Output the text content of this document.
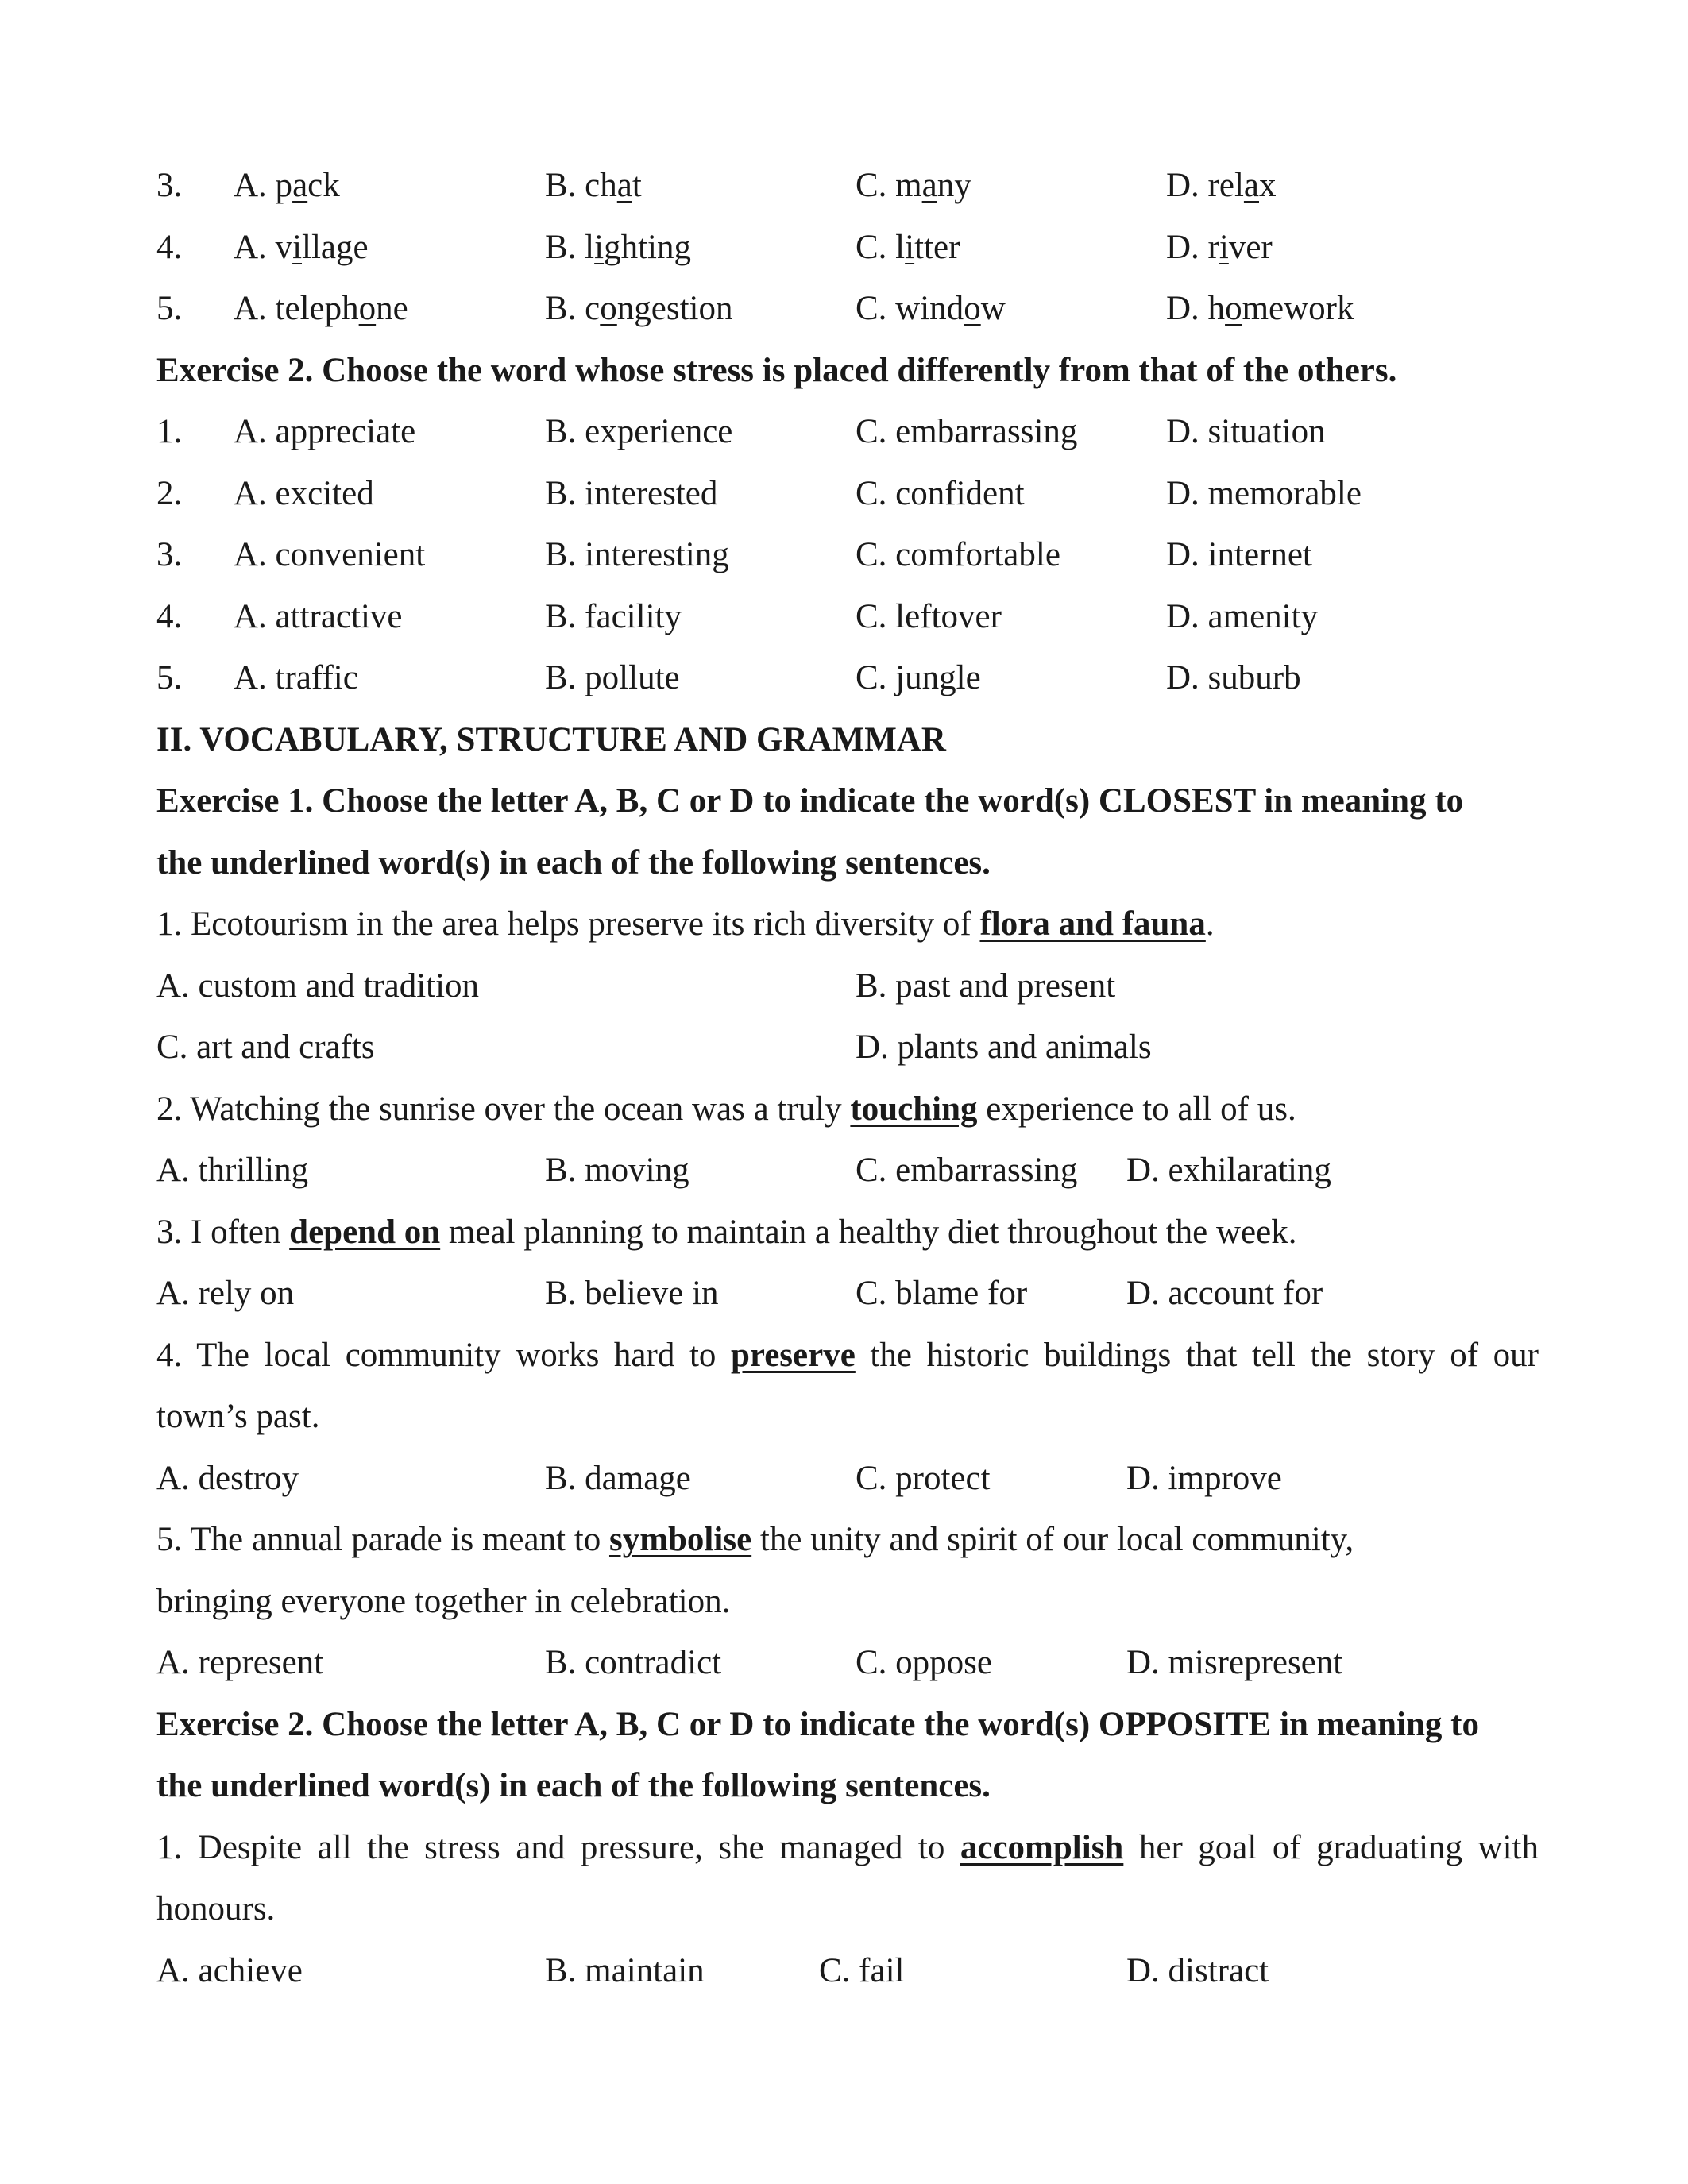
3. A. pack	B. chat	C. many	D. relax
4. A. village	B. lighting	C. litter	D. river
5. A. telephone	B. congestion	C. window	D. homework
Exercise 2. Choose the word whose stress is placed differently from that of the others.
1. A. appreciate	B. experience	C. embarrassing	D. situation
2. A. excited	B. interested	C. confident	D. memorable
3. A. convenient	B. interesting	C. comfortable	D. internet
4. A. attractive	B. facility	C. leftover	D. amenity
5. A. traffic	B. pollute	C. jungle	D. suburb
II. VOCABULARY, STRUCTURE AND GRAMMAR
Exercise 1. Choose the letter A, B, C or D to indicate the word(s) CLOSEST in meaning to
the underlined word(s) in each of the following sentences.
1. Ecotourism in the area helps preserve its rich diversity of flora and fauna.
A. custom and tradition	B. past and present
C. art and crafts	D. plants and animals
2. Watching the sunrise over the ocean was a truly touching experience to all of us.
A. thrilling	B. moving	C. embarrassing D. exhilarating
3. I often depend on meal planning to maintain a healthy diet throughout the week.
A. rely on	B. believe in	C. blame for	D. account for
4. The local community works hard to preserve the historic buildings that tell the story of our
town’s past.
A. destroy	B. damage	C. protect	D. improve
5. The annual parade is meant to symbolise the unity and spirit of our local community,
bringing everyone together in celebration.
A. represent	B. contradict	C. oppose	D. misrepresent
Exercise 2. Choose the letter A, B, C or D to indicate the word(s) OPPOSITE in meaning to
the underlined word(s) in each of the following sentences.
1. Despite all the stress and pressure, she managed to accomplish her goal of graduating with
honours.
A. achieve	B. maintain	C. fail	D. distract
